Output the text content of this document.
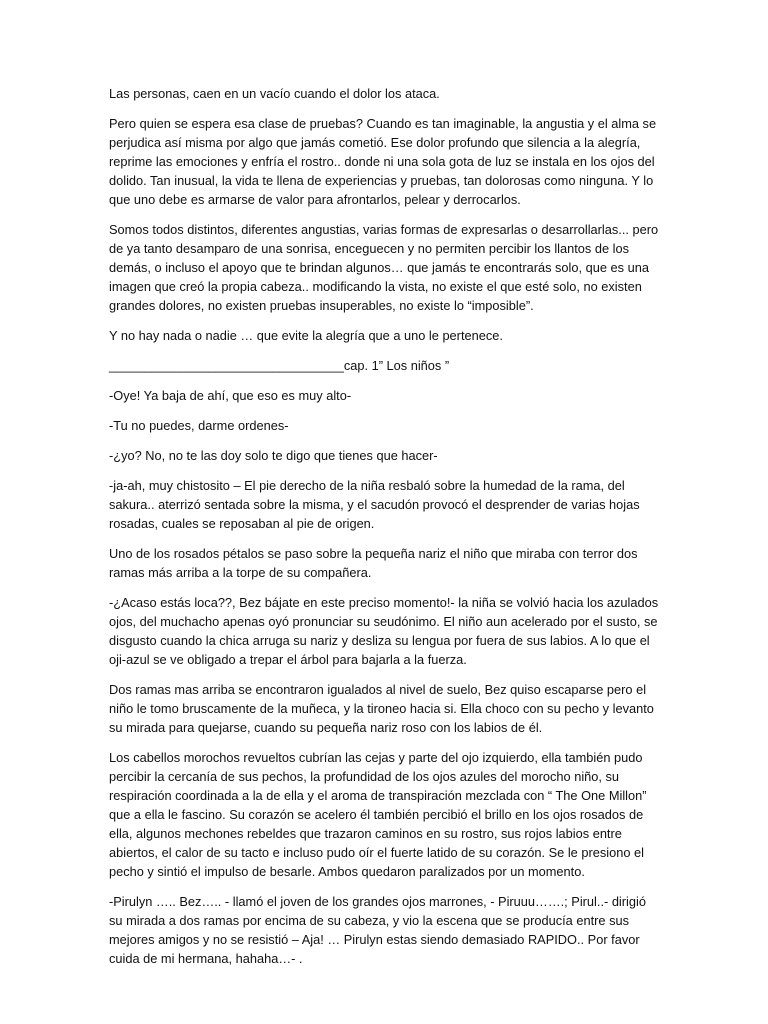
Las personas, caen en un vacío cuando el dolor los ataca.

Pero quien se espera esa clase de pruebas? Cuando es tan imaginable, la angustia y el alma se perjudica así misma por algo que jamás cometió. Ese dolor profundo que silencia a la alegría, reprime las emociones y enfría el rostro.. donde ni una sola gota de luz se instala en los ojos del dolido. Tan inusual, la vida te llena de experiencias y pruebas, tan dolorosas como ninguna. Y lo que uno debe es armarse de valor para afrontarlos, pelear y derrocarlos.

Somos todos distintos, diferentes angustias, varias formas de expresarlas o desarrollarlas... pero de ya tanto desamparo de una sonrisa, enceguecen y no permiten percibir los llantos de los demás, o incluso el apoyo que te brindan algunos… que jamás te encontrarás solo, que es una imagen que creó la propia cabeza.. modificando la vista, no existe el que esté solo, no existen grandes dolores, no existen pruebas insuperables, no existe lo “imposible”.

Y no hay nada o nadie … que evite la alegría que a uno le pertenece.

_________________________________cap. 1” Los niños ”

-Oye! Ya baja de ahí, que eso es muy alto-

-Tu no puedes, darme ordenes-

-¿yo? No, no te las doy solo te digo que tienes que hacer-

-ja-ah, muy chistosito – El pie derecho de la niña resbaló sobre la humedad de la rama, del sakura.. aterrizó sentada sobre la misma, y el sacudón provocó el desprender de varias hojas rosadas, cuales se reposaban al pie de origen.

Uno de los rosados pétalos se paso sobre la pequeña nariz el niño que miraba con terror dos ramas más arriba a la torpe de su compañera.

-¿Acaso estás loca??, Bez bájate en este preciso momento!- la niña se volvió hacia los azulados ojos, del muchacho apenas oyó pronunciar su seudónimo. El niño aun acelerado por el susto, se disgusto cuando la chica arruga su nariz y desliza su lengua por fuera de sus labios. A lo que el oji-azul se ve obligado a trepar el árbol para bajarla a la fuerza.

Dos ramas mas arriba se encontraron igualados al nivel de suelo, Bez quiso escaparse pero el niño le tomo bruscamente de la muñeca, y la tironeo hacia si. Ella choco con su pecho y levanto su mirada para quejarse, cuando su pequeña nariz roso con los labios de él.

Los cabellos morochos revueltos cubrían las cejas y parte del ojo izquierdo, ella también pudo percibir la cercanía de sus pechos, la profundidad de los ojos azules del morocho niño, su respiración coordinada a la de ella y el aroma de transpiración mezclada con “ The One Millon” que a ella le fascino. Su corazón se acelero él también percibió el brillo en los ojos rosados de ella, algunos mechones rebeldes que trazaron caminos en su rostro, sus rojos labios entre abiertos, el calor de su tacto e incluso pudo oír el fuerte latido de su corazón. Se le presiono el pecho y sintió el impulso de besarle. Ambos quedaron paralizados por un momento.

-Pirulyn ….. Bez….. - llamó el joven de los grandes ojos marrones, - Piruuu…….; Pirul..- dirigió su mirada a dos ramas por encima de su cabeza, y vio la escena que se producía entre sus mejores amigos y no se resistió – Aja! … Pirulyn estas siendo demasiado RAPIDO.. Por favor cuida de mi hermana, hahaha…- .
